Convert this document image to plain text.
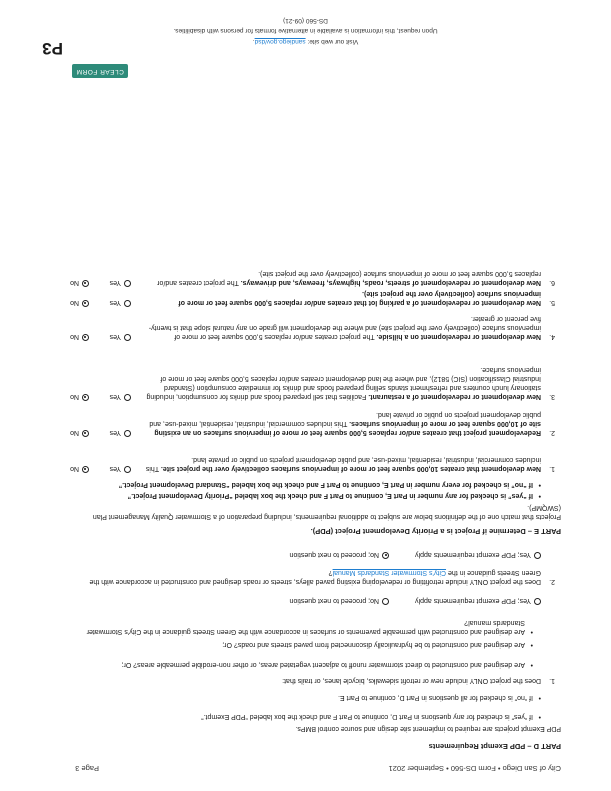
City of San Diego • Form DS-560 • September 2021
Page 3
PART D – PDP Exempt Requirements
PDP Exempt projects are required to implement site design and source control BMPs.
• If “yes” is checked for any questions in Part D, continue to Part F and check the box labeled “PDP Exempt.”
• If “no” is checked for all questions in Part D, continue to Part E.
1.
Does the project ONLY include new or retrofit sidewalks, bicycle lanes, or trails that:
• Are designed and constructed to direct stormwater runoff to adjacent vegetated areas, or other non-erodible permeable areas? Or;
• Are designed and constructed to be hydraulically disconnected from paved streets and roads? Or;
• Are designed and constructed with permeable pavements or surfaces in accordance with the Green Streets guidance in the City’s Stormwater Standards manual?
Yes; PDP exempt requirements apply No; proceed to next question
2.
Does the project ONLY include retrofitting or redeveloping existing paved alleys, streets or roads designed and constructed in accordance with the Green Streets guidance in the City’s Stormwater Standards Manual?
Yes; PDP exempt requirements apply No; proceed to next question
PART E – Determine if Project is a Priority Development Project (PDP).
Projects that match one of the definitions below are subject to additional requirements, including preparation of a Stormwater Quality Management Plan (SWQMP).
• If “yes” is checked for any number in Part E, continue to Part F and check the box labeled “Priority Development Project.”
• If “no” is checked for every number in Part E, continue to Part F and check the box labeled “Standard Development Project.”
1.
New development that creates 10,000 square feet or more of impervious surfaces collectively over the project site. This includes commercial, industrial, residential, mixed-use, and public development projects on public or private land.
YesNo
2.
Redevelopment project that creates and/or replaces 5,000 square feet or more of impervious surfaces on an existing site of 10,000 square feet or more of impervious surfaces. This includes commercial, industrial, residential, mixed-use, and public development projects on public or private land.
YesNo
3.
New development or redevelopment of a restaurant. Facilities that sell prepared foods and drinks for consumption, including stationary lunch counters and refreshment stands selling prepared foods and drinks for immediate consumption (Standard Industrial Classification (SIC) 5812), and where the land development creates and/or replaces 5,000 square feet or more of impervious surface.
YesNo
4.
New development or redevelopment on a hillside. The project creates and/or replaces 5,000 square feet or more of impervious surface (collectively over the project site) and where the development will grade on any natural slope that is twenty-five percent or greater.
YesNo
5.
New development or redevelopment of a parking lot that creates and/or replaces 5,000 square feet or more of impervious surface (collectively over the project site).
YesNo
6.
New development or redevelopment of streets, roads, highways, freeways, and driveways. The project creates and/or replaces 5,000 square feet or more of impervious surface (collectively over the project site).
YesNo
CLEAR FORM
Visit our web site: sandiego.gov/dsd.
Upon request, this information is available in alternative formats for persons with disabilities.
DS-560 (09-21)
P3
